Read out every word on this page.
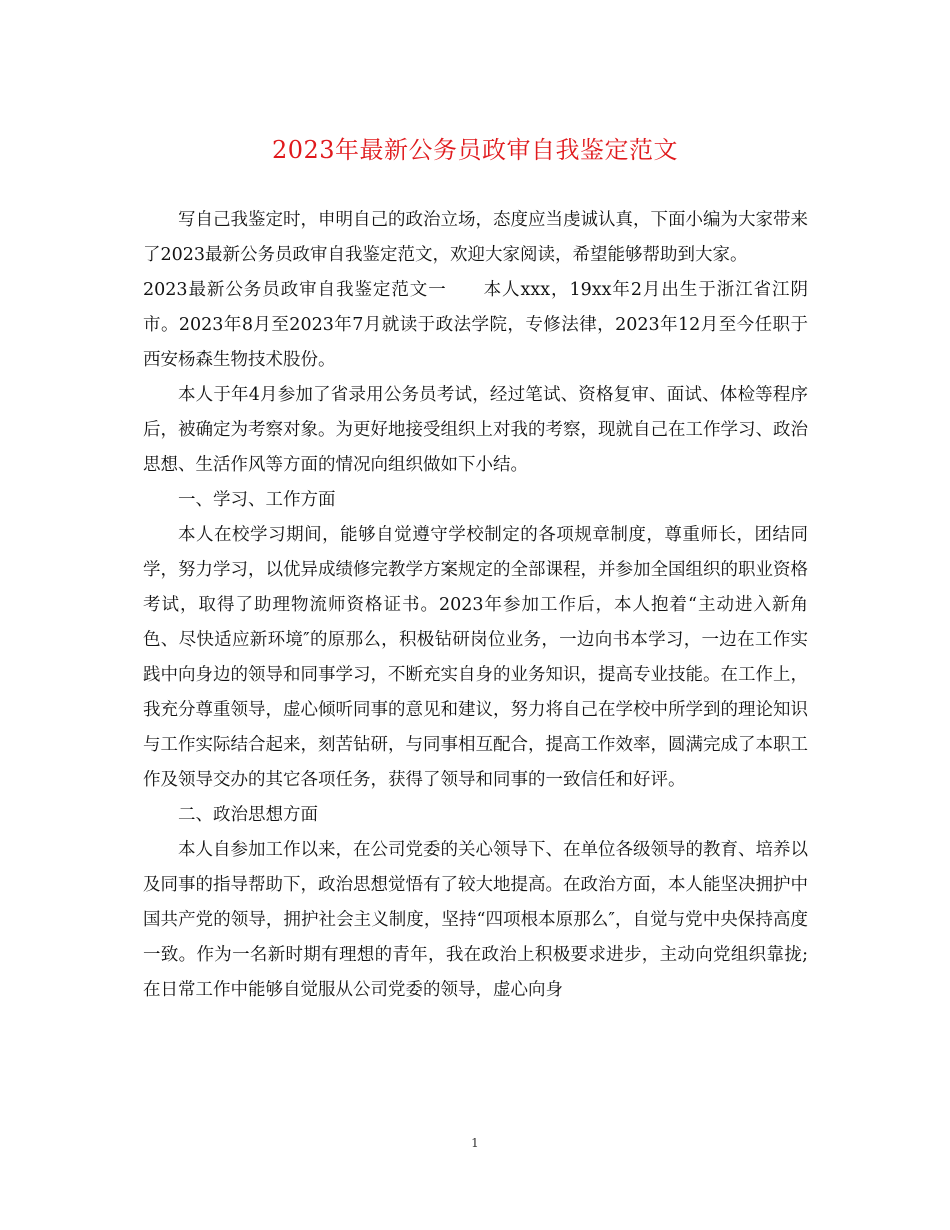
2023年最新公务员政审自我鉴定范文

写自己我鉴定时，申明自己的政治立场，态度应当虔诚认真，下面小编为大家带来了2023最新公务员政审自我鉴定范文，欢迎大家阅读，希望能够帮助到大家。

2023最新公务员政审自我鉴定范文一　　本人xxx，19xx年2月出生于浙江省江阴市。2023年8月至2023年7月就读于政法学院，专修法律，2023年12月至今任职于西安杨森生物技术股份。

本人于年4月参加了省录用公务员考试，经过笔试、资格复审、面试、体检等程序后，被确定为考察对象。为更好地接受组织上对我的考察，现就自己在工作学习、政治思想、生活作风等方面的情况向组织做如下小结。

一、学习、工作方面

本人在校学习期间，能够自觉遵守学校制定的各项规章制度，尊重师长，团结同学，努力学习，以优异成绩修完教学方案规定的全部课程，并参加全国组织的职业资格考试，取得了助理物流师资格证书。2023年参加工作后，本人抱着“主动进入新角色、尽快适应新环境″的原那么，积极钻研岗位业务，一边向书本学习，一边在工作实践中向身边的领导和同事学习，不断充实自身的业务知识，提高专业技能。在工作上，我充分尊重领导，虚心倾听同事的意见和建议，努力将自己在学校中所学到的理论知识与工作实际结合起来，刻苦钻研，与同事相互配合，提高工作效率，圆满完成了本职工作及领导交办的其它各项任务，获得了领导和同事的一致信任和好评。

二、政治思想方面

本人自参加工作以来，在公司党委的关心领导下、在单位各级领导的教育、培养以及同事的指导帮助下，政治思想觉悟有了较大地提高。在政治方面，本人能坚决拥护中国共产党的领导，拥护社会主义制度，坚持“四项根本原那么″，自觉与党中央保持高度一致。作为一名新时期有理想的青年，我在政治上积极要求进步，主动向党组织靠拢;在日常工作中能够自觉服从公司党委的领导，虚心向身

1
